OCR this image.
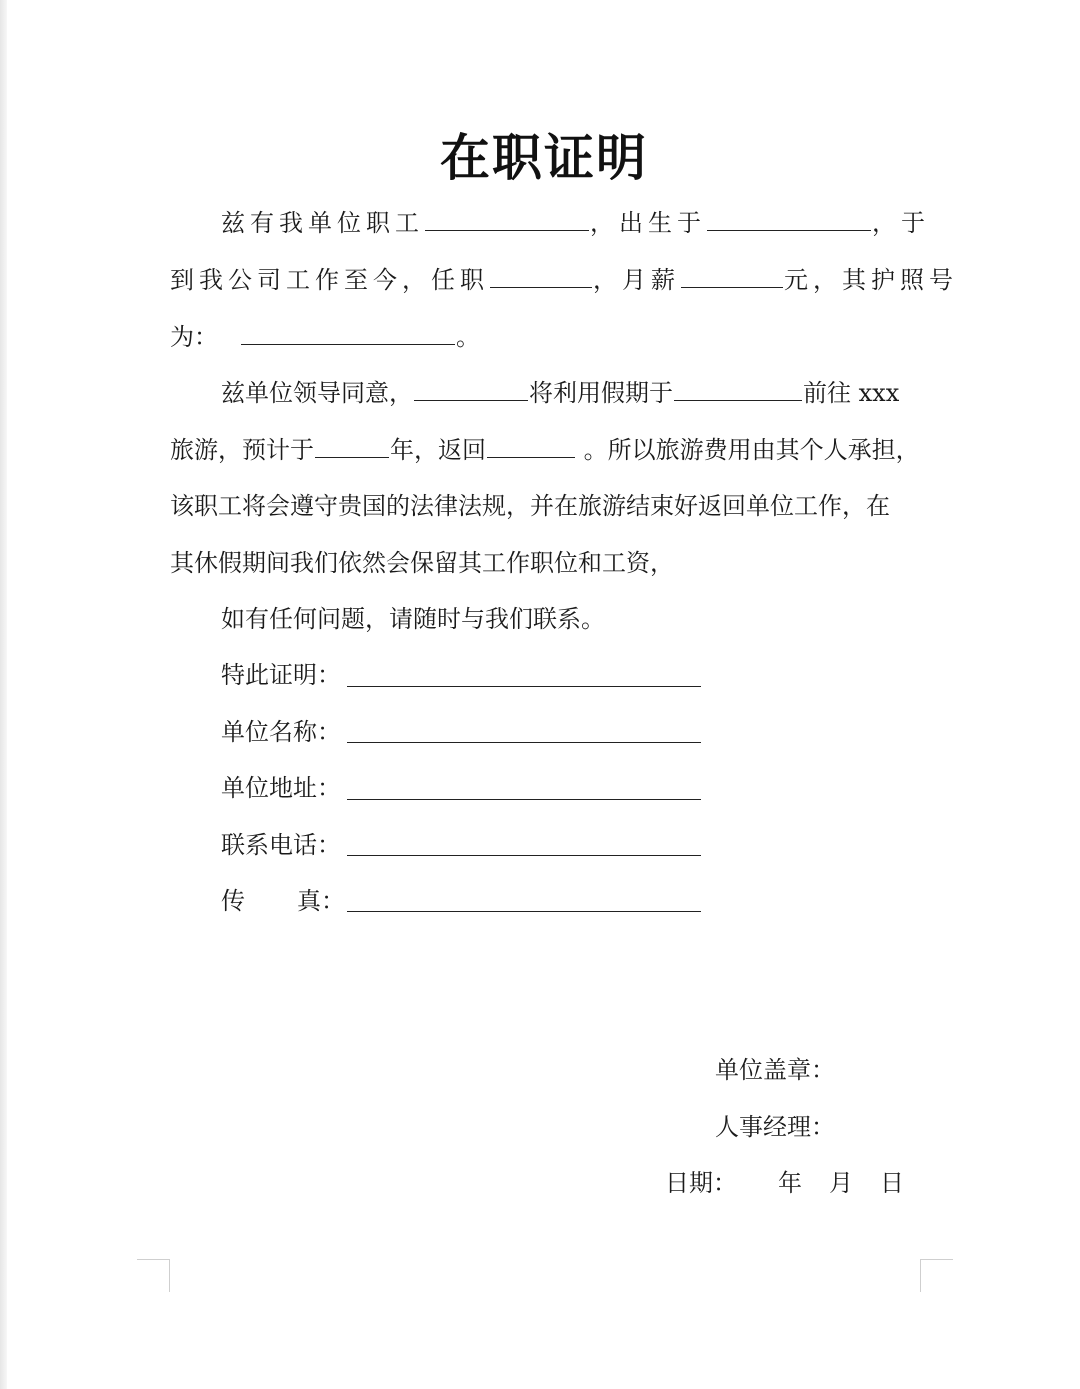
在职证明
兹有我单位职工	，出生于	，于
到我公司工作至今，任职	，月薪	元，其护照号
为：	。
兹单位领导同意，	将利用假期于	前往 xxx
旅游，预计于	年，返回	。所以旅游费用由其个人承担，
该职工将会遵守贵国的法律法规，并在旅游结束好返回单位工作，在
其休假期间我们依然会保留其工作职位和工资，
如有任何问题，请随时与我们联系。
特此证明：
单位名称：
单位地址：
联系电话：
传 真：
单位盖章：
人事经理：
日期： 年 月 日
